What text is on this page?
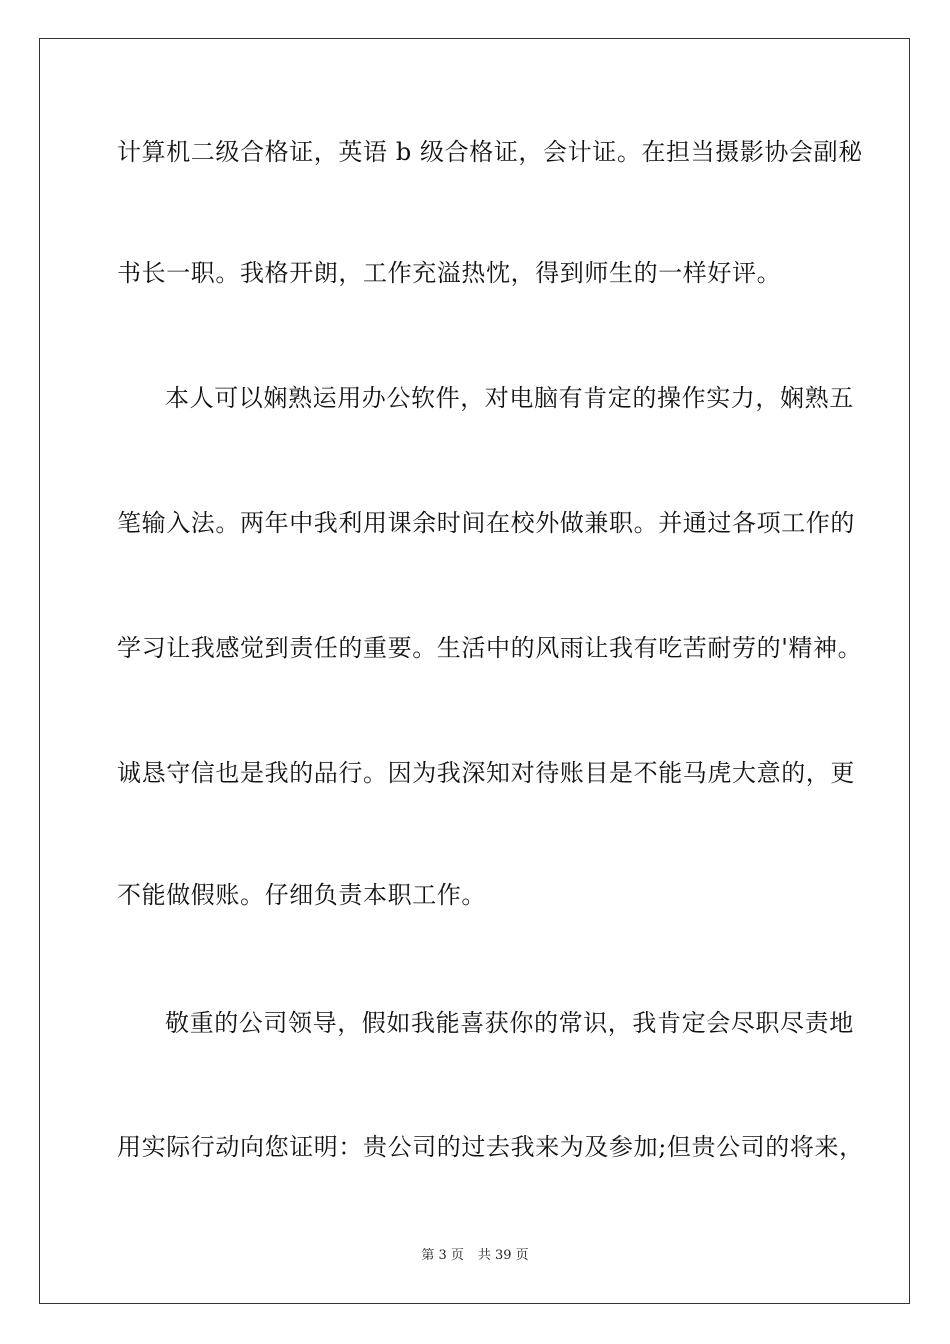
计算机二级合格证，英语 b 级合格证，会计证。在担当摄影协会副秘
书长一职。我格开朗，工作充溢热忱，得到师生的一样好评。
本人可以娴熟运用办公软件，对电脑有肯定的操作实力，娴熟五
笔输入法。两年中我利用课余时间在校外做兼职。并通过各项工作的
学习让我感觉到责任的重要。生活中的风雨让我有吃苦耐劳的'精神。
诚恳守信也是我的品行。因为我深知对待账目是不能马虎大意的，更
不能做假账。仔细负责本职工作。
敬重的公司领导，假如我能喜获你的常识，我肯定会尽职尽责地
用实际行动向您证明：贵公司的过去我来为及参加;但贵公司的将来，
第 3 页 共 39 页
